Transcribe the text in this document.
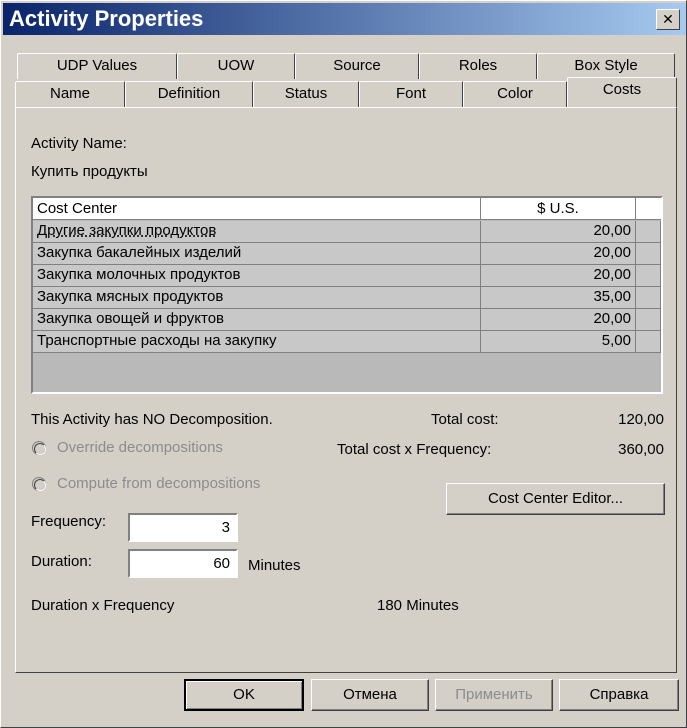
Activity Properties	✕
UDP Values	UOW	Source	Roles	Box Style
Name	Definition	Status	Font	Color	Costs
Activity Name:
Купить продукты
Cost Center	$ U.S.
Другие закупки продуктов	20,00
Закупка бакалейных изделий	20,00
Закупка молочных продуктов	20,00
Закупка мясных продуктов	35,00
Закупка овощей и фруктов	20,00
Транспортные расходы на закупку	5,00
This Activity has NO Decomposition.	Total cost:	120,00
Override decompositions	Total cost x Frequency:	360,00
Compute from decompositions
Cost Center Editor...
Frequency:	3
Duration:	60	Minutes
Duration x Frequency	180 Minutes
OK	Отмена	Применить	Справка
